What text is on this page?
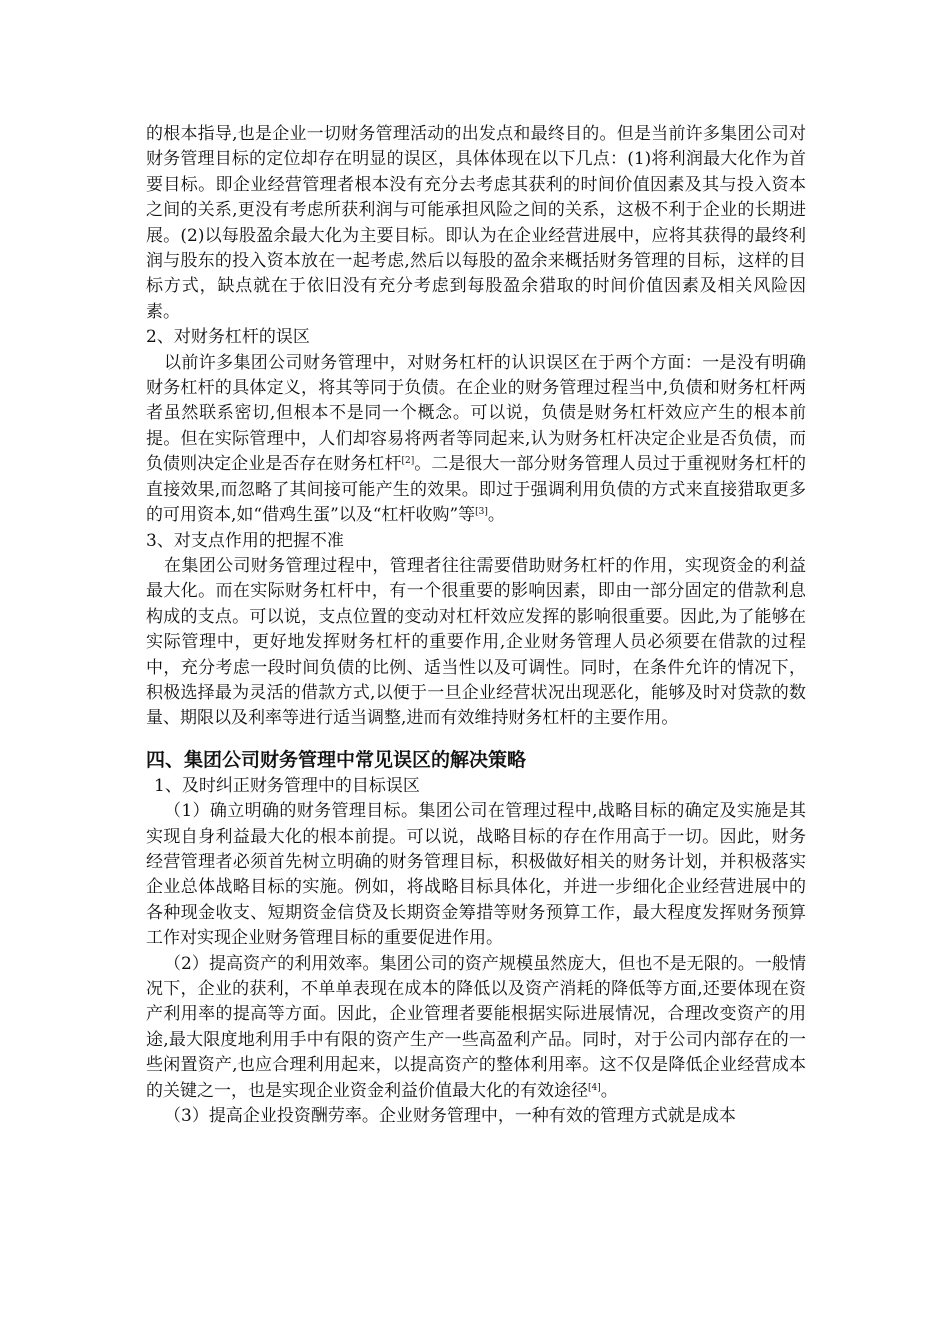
的根本指导,也是企业一切财务管理活动的出发点和最终目的。但是当前许多集团公司对财务管理目标的定位却存在明显的误区，具体体现在以下几点：(1)将利润最大化作为首要目标。即企业经营管理者根本没有充分去考虑其获利的时间价值因素及其与投入资本之间的关系,更没有考虑所获利润与可能承担风险之间的关系，这极不利于企业的长期进展。(2)以每股盈余最大化为主要目标。即认为在企业经营进展中，应将其获得的最终利润与股东的投入资本放在一起考虑,然后以每股的盈余来概括财务管理的目标，这样的目标方式，缺点就在于依旧没有充分考虑到每股盈余猎取的时间价值因素及相关风险因素。

2、对财务杠杆的误区

以前许多集团公司财务管理中，对财务杠杆的认识误区在于两个方面：一是没有明确财务杠杆的具体定义，将其等同于负债。在企业的财务管理过程当中,负债和财务杠杆两者虽然联系密切,但根本不是同一个概念。可以说，负债是财务杠杆效应产生的根本前提。但在实际管理中，人们却容易将两者等同起来,认为财务杠杆决定企业是否负债，而负债则决定企业是否存在财务杠杆[2]。二是很大一部分财务管理人员过于重视财务杠杆的直接效果,而忽略了其间接可能产生的效果。即过于强调利用负债的方式来直接猎取更多的可用资本,如“借鸡生蛋”以及“杠杆收购”等[3]。

3、对支点作用的把握不准

在集团公司财务管理过程中，管理者往往需要借助财务杠杆的作用，实现资金的利益最大化。而在实际财务杠杆中，有一个很重要的影响因素，即由一部分固定的借款利息构成的支点。可以说，支点位置的变动对杠杆效应发挥的影响很重要。因此,为了能够在实际管理中，更好地发挥财务杠杆的重要作用,企业财务管理人员必须要在借款的过程中，充分考虑一段时间负债的比例、适当性以及可调性。同时，在条件允许的情况下，积极选择最为灵活的借款方式,以便于一旦企业经营状况出现恶化，能够及时对贷款的数量、期限以及利率等进行适当调整,进而有效维持财务杠杆的主要作用。

四、集团公司财务管理中常见误区的解决策略

1、及时纠正财务管理中的目标误区

（1）确立明确的财务管理目标。集团公司在管理过程中,战略目标的确定及实施是其实现自身利益最大化的根本前提。可以说，战略目标的存在作用高于一切。因此，财务经营管理者必须首先树立明确的财务管理目标，积极做好相关的财务计划，并积极落实企业总体战略目标的实施。例如，将战略目标具体化，并进一步细化企业经营进展中的各种现金收支、短期资金信贷及长期资金筹措等财务预算工作，最大程度发挥财务预算工作对实现企业财务管理目标的重要促进作用。

（2）提高资产的利用效率。集团公司的资产规模虽然庞大，但也不是无限的。一般情况下，企业的获利，不单单表现在成本的降低以及资产消耗的降低等方面,还要体现在资产利用率的提高等方面。因此，企业管理者要能根据实际进展情况，合理改变资产的用途,最大限度地利用手中有限的资产生产一些高盈利产品。同时，对于公司内部存在的一些闲置资产,也应合理利用起来，以提高资产的整体利用率。这不仅是降低企业经营成本的关键之一，也是实现企业资金利益价值最大化的有效途径[4]。

（3）提高企业投资酬劳率。企业财务管理中，一种有效的管理方式就是成本
